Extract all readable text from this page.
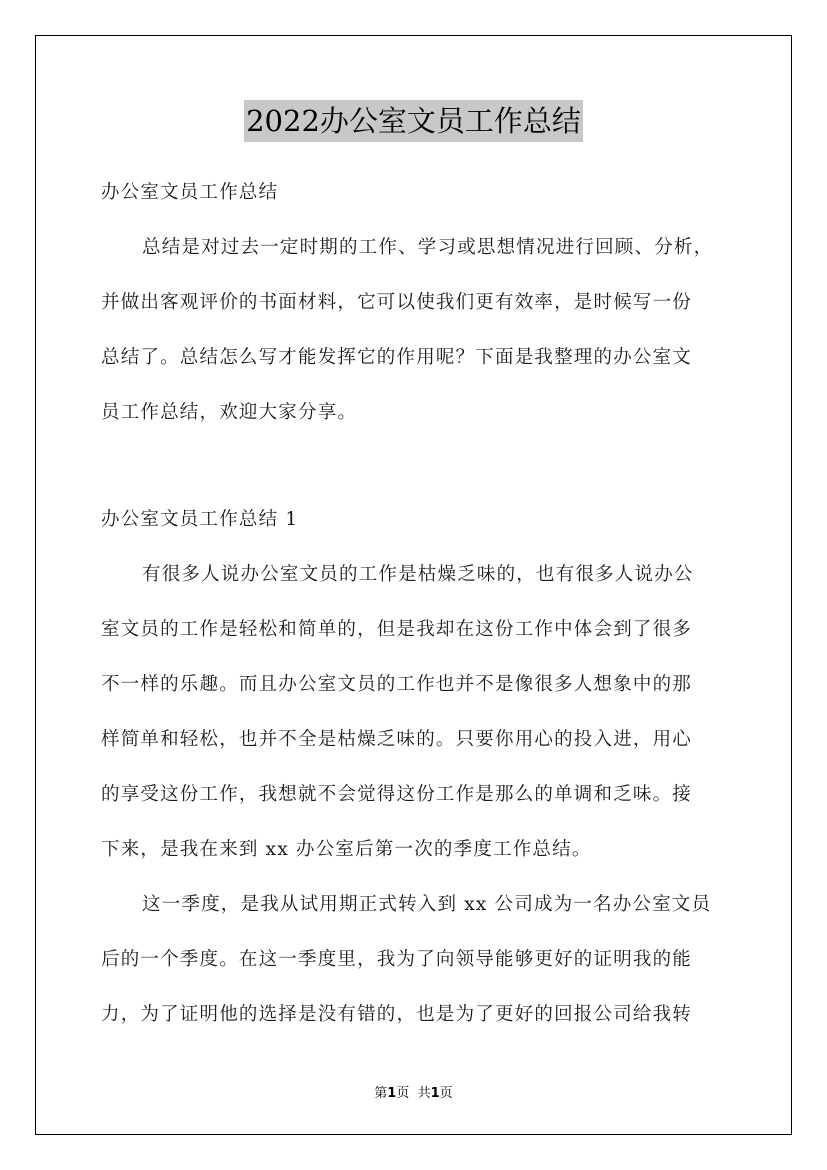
2022办公室文员工作总结
办公室文员工作总结
总结是对过去一定时期的工作、学习或思想情况进行回顾、分析，
并做出客观评价的书面材料，它可以使我们更有效率，是时候写一份
总结了。总结怎么写才能发挥它的作用呢？下面是我整理的办公室文
员工作总结，欢迎大家分享。
办公室文员工作总结 1
有很多人说办公室文员的工作是枯燥乏味的，也有很多人说办公
室文员的工作是轻松和简单的，但是我却在这份工作中体会到了很多
不一样的乐趣。而且办公室文员的工作也并不是像很多人想象中的那
样简单和轻松，也并不全是枯燥乏味的。只要你用心的投入进，用心
的享受这份工作，我想就不会觉得这份工作是那么的单调和乏味。接
下来，是我在来到 xx 办公室后第一次的季度工作总结。
这一季度，是我从试用期正式转入到 xx 公司成为一名办公室文员
后的一个季度。在这一季度里，我为了向领导能够更好的证明我的能
力，为了证明他的选择是没有错的，也是为了更好的回报公司给我转
第1页 共1页
